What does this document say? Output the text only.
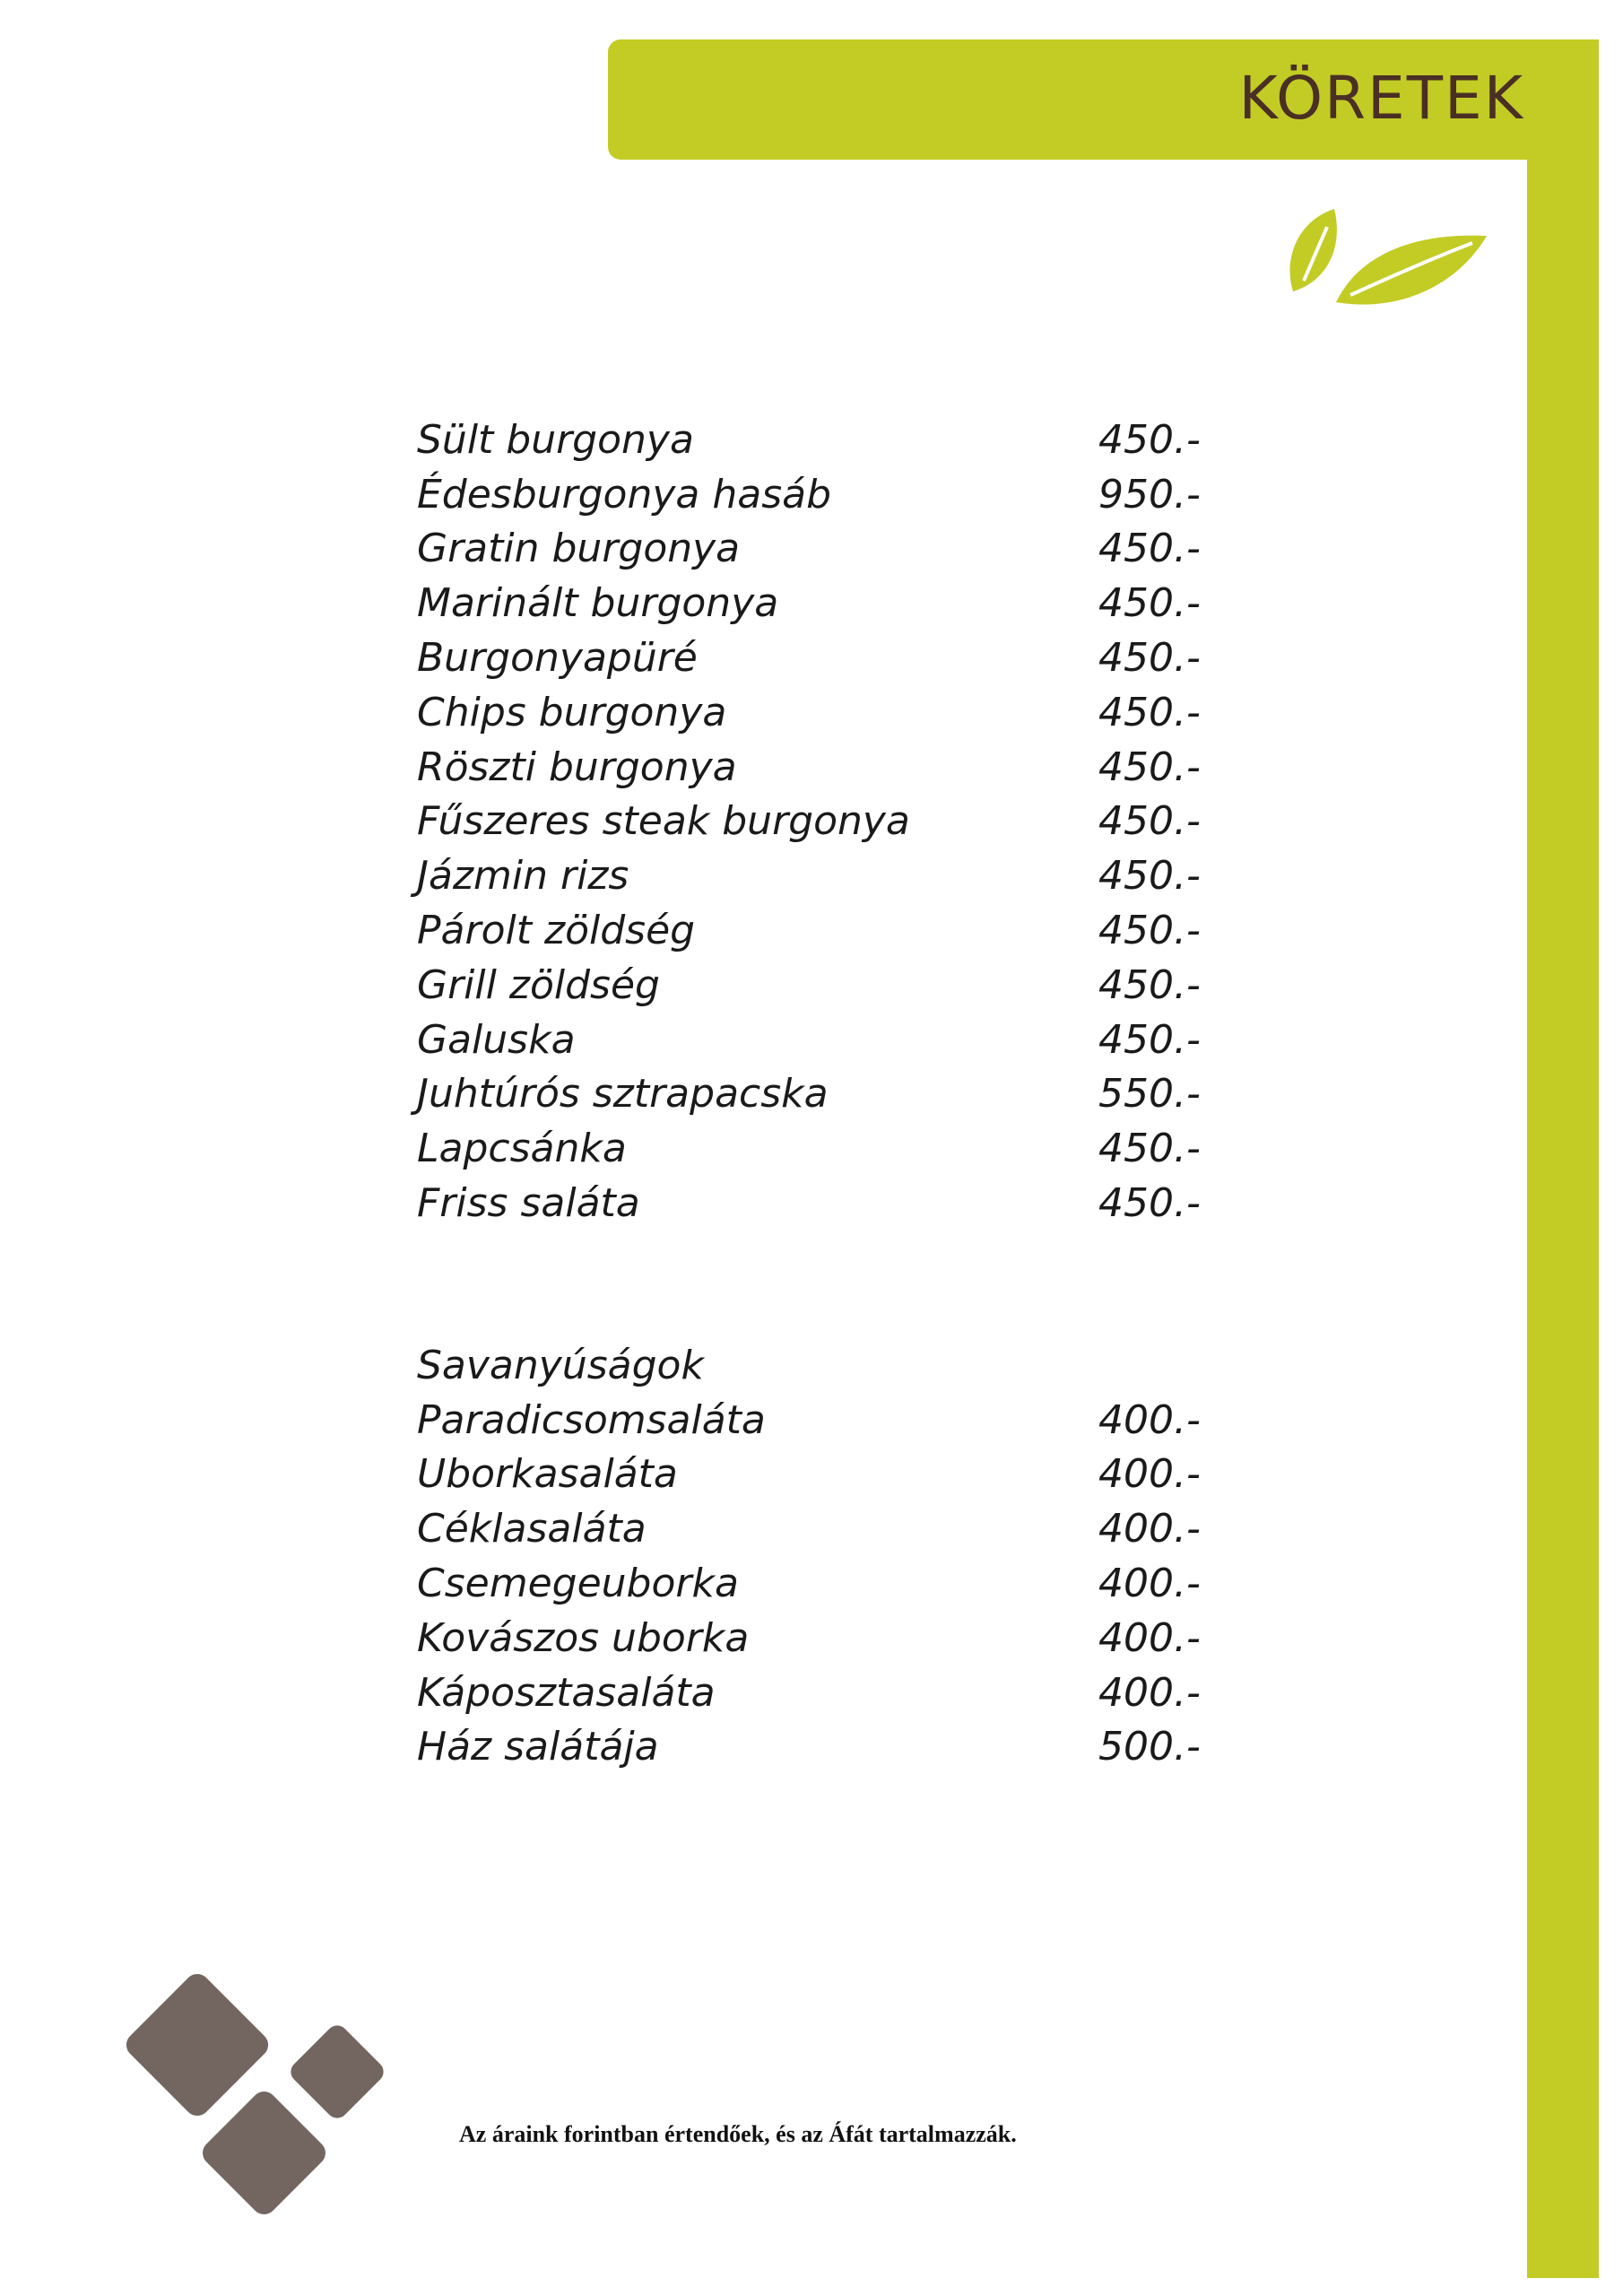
KÖRETEK
Sült burgonya	450.-
Édesburgonya hasáb	950.-
Gratin burgonya	450.-
Marinált burgonya	450.-
Burgonyapüré	450.-
Chips burgonya	450.-
Röszti burgonya	450.-
Fűszeres steak burgonya	450.-
Jázmin rizs	450.-
Párolt zöldség	450.-
Grill zöldség	450.-
Galuska	450.-
Juhtúrós sztrapacska	550.-
Lapcsánka	450.-
Friss saláta	450.-
Savanyúságok
Paradicsomsaláta	400.-
Uborkasaláta	400.-
Céklasaláta	400.-
Csemegeuborka	400.-
Kovászos uborka	400.-
Káposztasaláta	400.-
Ház salátája	500.-
Az áraink forintban értendőek, és az Áfát tartalmazzák.
